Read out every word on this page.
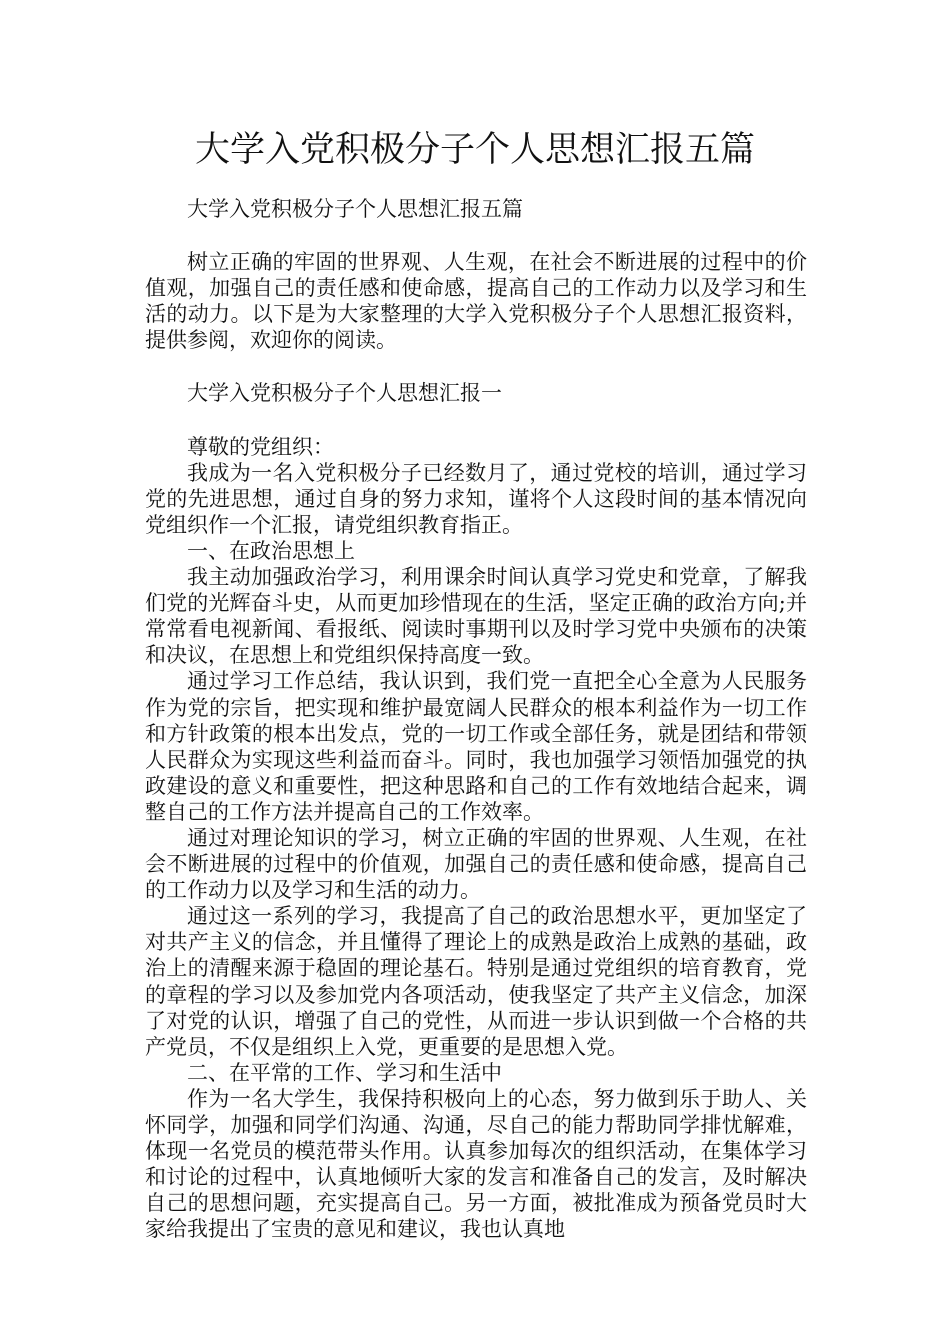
大学入党积极分子个人思想汇报五篇

大学入党积极分子个人思想汇报五篇

树立正确的牢固的世界观、人生观，在社会不断进展的过程中的价值观，加强自己的责任感和使命感，提高自己的工作动力以及学习和生活的动力。以下是为大家整理的大学入党积极分子个人思想汇报资料，提供参阅，欢迎你的阅读。

大学入党积极分子个人思想汇报一

尊敬的党组织：

我成为一名入党积极分子已经数月了，通过党校的培训，通过学习党的先进思想，通过自身的努力求知，谨将个人这段时间的基本情况向党组织作一个汇报，请党组织教育指正。

一、在政治思想上

我主动加强政治学习，利用课余时间认真学习党史和党章，了解我们党的光辉奋斗史，从而更加珍惜现在的生活，坚定正确的政治方向;并常常看电视新闻、看报纸、阅读时事期刊以及时学习党中央颁布的决策和决议，在思想上和党组织保持高度一致。

通过学习工作总结，我认识到，我们党一直把全心全意为人民服务作为党的宗旨，把实现和维护最宽阔人民群众的根本利益作为一切工作和方针政策的根本出发点，党的一切工作或全部任务，就是团结和带领人民群众为实现这些利益而奋斗。同时，我也加强学习领悟加强党的执政建设的意义和重要性，把这种思路和自己的工作有效地结合起来，调整自己的工作方法并提高自己的工作效率。

通过对理论知识的学习，树立正确的牢固的世界观、人生观，在社会不断进展的过程中的价值观，加强自己的责任感和使命感，提高自己的工作动力以及学习和生活的动力。

通过这一系列的学习，我提高了自己的政治思想水平，更加坚定了对共产主义的信念，并且懂得了理论上的成熟是政治上成熟的基础，政治上的清醒来源于稳固的理论基石。特别是通过党组织的培育教育，党的章程的学习以及参加党内各项活动，使我坚定了共产主义信念，加深了对党的认识，增强了自己的党性，从而进一步认识到做一个合格的共产党员，不仅是组织上入党，更重要的是思想入党。

二、在平常的工作、学习和生活中

作为一名大学生，我保持积极向上的心态，努力做到乐于助人、关怀同学，加强和同学们沟通、沟通，尽自己的能力帮助同学排忧解难，体现一名党员的模范带头作用。认真参加每次的组织活动，在集体学习和讨论的过程中，认真地倾听大家的发言和准备自己的发言，及时解决自己的思想问题，充实提高自己。另一方面，被批准成为预备党员时大家给我提出了宝贵的意见和建议，我也认真地
